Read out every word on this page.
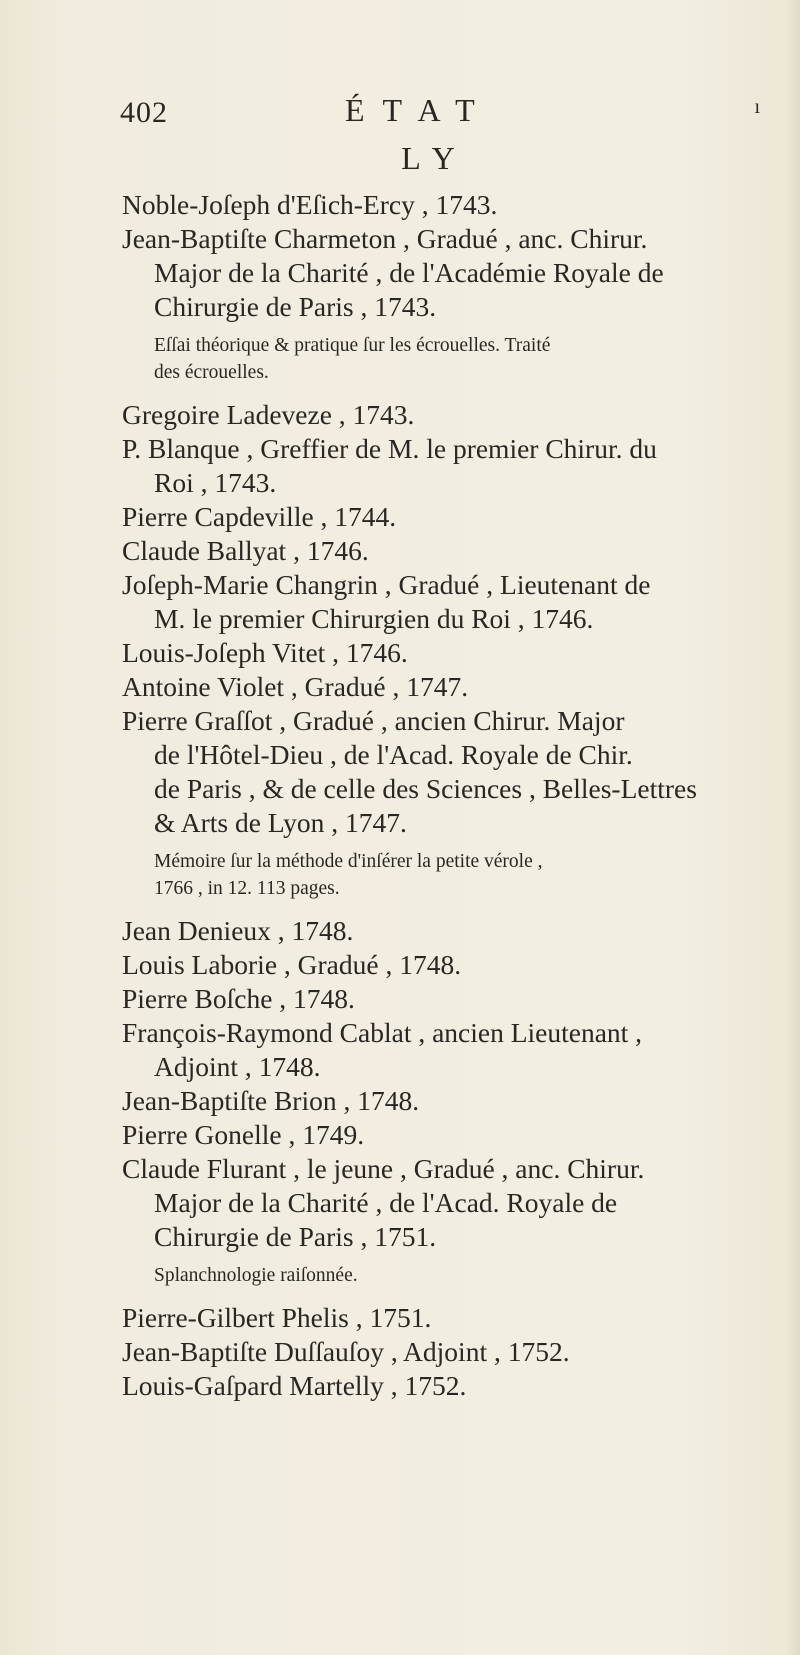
402	ÉTAT	ı
LY
Noble-Joſeph d'Eſich-Ercy , 1743.
Jean-Baptiſte Charmeton , Gradué , anc. Chirur.
Major de la Charité , de l'Académie Royale de
Chirurgie de Paris , 1743.
Eſſai théorique & pratique ſur les écrouelles. Traité
des écrouelles.
Gregoire Ladeveze , 1743.
P. Blanque , Greffier de M. le premier Chirur. du
Roi , 1743.
Pierre Capdeville , 1744.
Claude Ballyat , 1746.
Joſeph-Marie Changrin , Gradué , Lieutenant de
M. le premier Chirurgien du Roi , 1746.
Louis-Joſeph Vitet , 1746.
Antoine Violet , Gradué , 1747.
Pierre Graſſot , Gradué , ancien Chirur. Major
de l'Hôtel-Dieu , de l'Acad. Royale de Chir.
de Paris , & de celle des Sciences , Belles-Lettres
& Arts de Lyon , 1747.
Mémoire ſur la méthode d'inſérer la petite vérole ,
1766 , in 12. 113 pages.
Jean Denieux , 1748.
Louis Laborie , Gradué , 1748.
Pierre Boſche , 1748.
François-Raymond Cablat , ancien Lieutenant ,
Adjoint , 1748.
Jean-Baptiſte Brion , 1748.
Pierre Gonelle , 1749.
Claude Flurant , le jeune , Gradué , anc. Chirur.
Major de la Charité , de l'Acad. Royale de
Chirurgie de Paris , 1751.
Splanchnologie raiſonnée.
Pierre-Gilbert Phelis , 1751.
Jean-Baptiſte Duſſauſoy , Adjoint , 1752.
Louis-Gaſpard Martelly , 1752.
